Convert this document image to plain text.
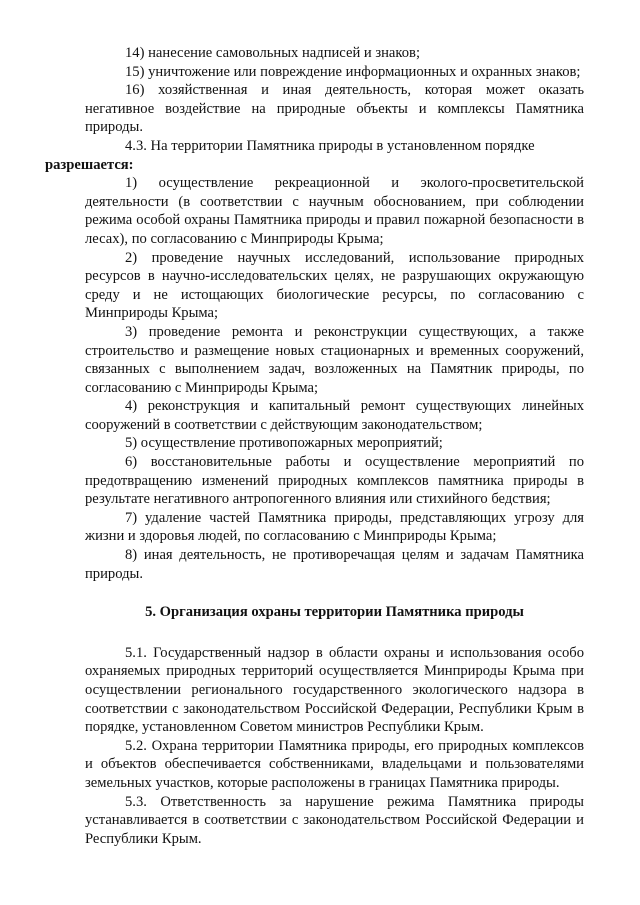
14) нанесение самовольных надписей и знаков;

15) уничтожение или повреждение информационных и охранных знаков;

16) хозяйственная и иная деятельность, которая может оказать негативное воздействие на природные объекты и комплексы Памятника природы.

4.3. На территории Памятника природы в установленном порядке
разрешается:

1) осуществление рекреационной и эколого-просветительской деятельности (в соответствии с научным обоснованием, при соблюдении режима особой охраны Памятника природы и правил пожарной безопасности в лесах), по согласованию с Минприроды Крыма;

2) проведение научных исследований, использование природных ресурсов в научно-исследовательских целях, не разрушающих окружающую среду и не истощающих биологические ресурсы, по согласованию с Минприроды Крыма;

3) проведение ремонта и реконструкции существующих, а также строительство и размещение новых стационарных и временных сооружений, связанных с выполнением задач, возложенных на Памятник природы, по согласованию с Минприроды Крыма;

4) реконструкция и капитальный ремонт существующих линейных сооружений в соответствии с действующим законодательством;

5) осуществление противопожарных мероприятий;

6) восстановительные работы и осуществление мероприятий по предотвращению изменений природных комплексов памятника природы в результате негативного антропогенного влияния или стихийного бедствия;

7) удаление частей Памятника природы, представляющих угрозу для жизни и здоровья людей, по согласованию с Минприроды Крыма;

8) иная деятельность, не противоречащая целям и задачам Памятника природы.

5. Организация охраны территории Памятника природы

5.1. Государственный надзор в области охраны и использования особо охраняемых природных территорий осуществляется Минприроды Крыма при осуществлении регионального государственного экологического надзора в соответствии с законодательством Российской Федерации, Республики Крым в порядке, установленном Советом министров Республики Крым.

5.2. Охрана территории Памятника природы, его природных комплексов и объектов обеспечивается собственниками, владельцами и пользователями земельных участков, которые расположены в границах Памятника природы.

5.3. Ответственность за нарушение режима Памятника природы устанавливается в соответствии с законодательством Российской Федерации и Республики Крым.
